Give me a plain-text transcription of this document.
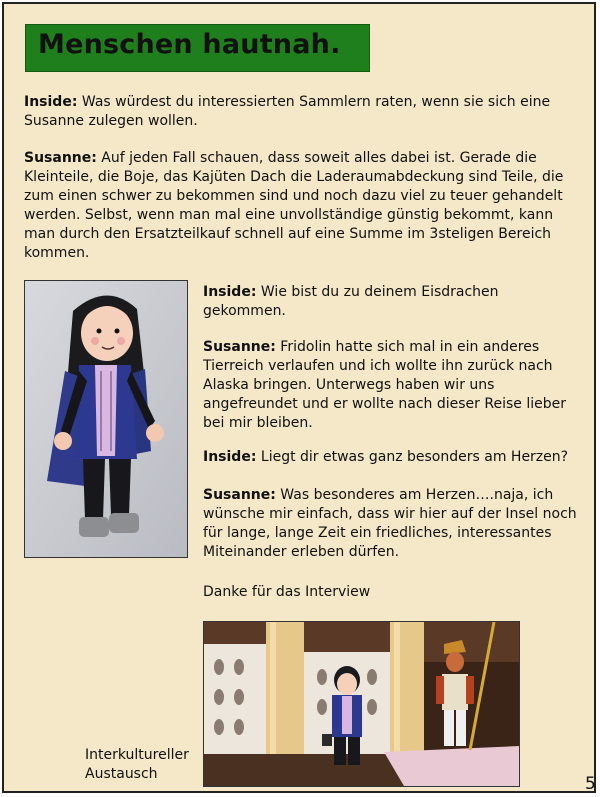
Menschen hautnah.
Inside: Was würdest du interessierten Sammlern raten, wenn sie sich eine Susanne zulegen wollen.
Susanne: Auf jeden Fall schauen, dass soweit alles dabei ist. Gerade die Kleinteile, die Boje, das Kajüten Dach die Laderaumabdeckung sind Teile, die zum einen schwer zu bekommen sind und noch dazu viel zu teuer gehandelt werden. Selbst, wenn man mal eine unvollständige günstig bekommt, kann man durch den Ersatzteilkauf schnell auf eine Summe im 3steligen Bereich kommen.
Inside: Wie bist du zu deinem Eisdrachen gekommen.
Susanne: Fridolin hatte sich mal in ein anderes Tierreich verlaufen und ich wollte ihn zurück nach Alaska bringen. Unterwegs haben wir uns angefreundet und er wollte nach dieser Reise lieber bei mir bleiben.
Inside: Liegt dir etwas ganz besonders am Herzen?
Susanne: Was besonderes am Herzen….naja, ich wünsche mir einfach, dass wir hier auf der Insel noch für lange, lange Zeit ein friedliches, interessantes Miteinander erleben dürfen.
Danke für das Interview
Interkultureller Austausch	5
